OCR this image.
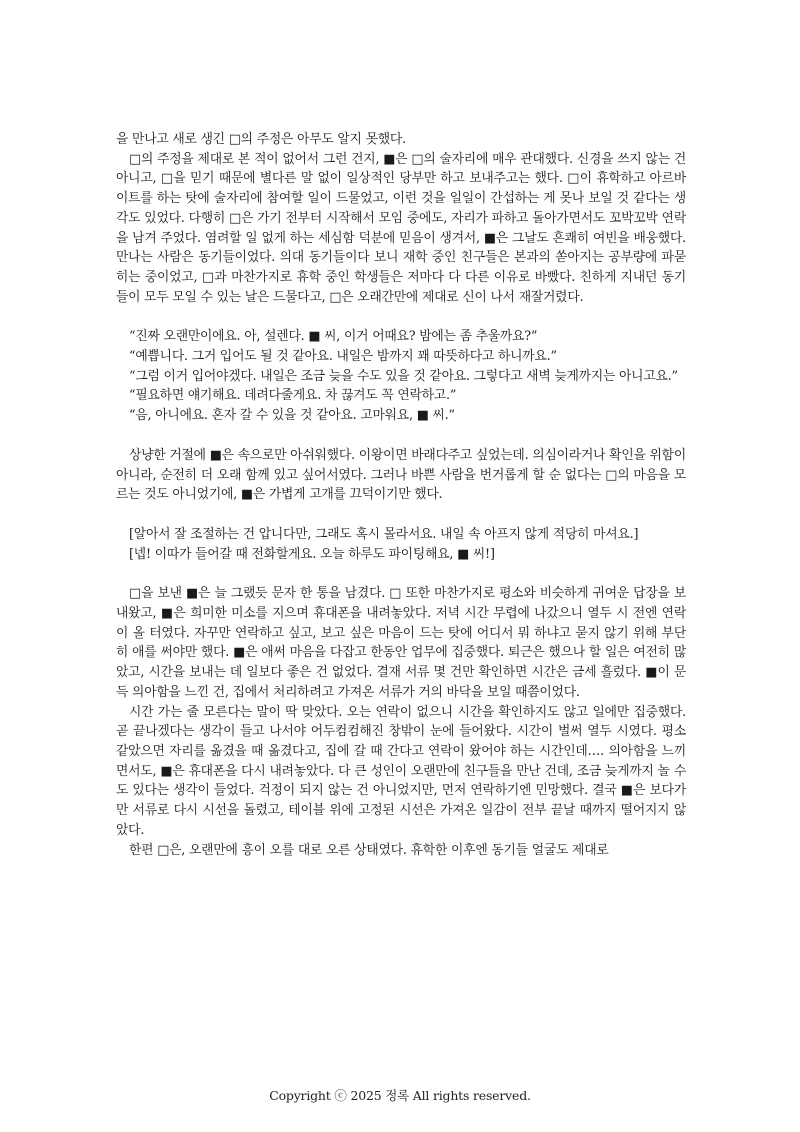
을 만나고 새로 생긴 □의 주정은 아무도 알지 못했다.

□의 주정을 제대로 본 적이 없어서 그런 건지, ■은 □의 술자리에 매우 관대했다. 신경을 쓰지 않는 건 아니고, □을 믿기 때문에 별다른 말 없이 일상적인 당부만 하고 보내주고는 했다. □이 휴학하고 아르바이트를 하는 탓에 술자리에 참여할 일이 드물었고, 이런 것을 일일이 간섭하는 게 못나 보일 것 같다는 생각도 있었다. 다행히 □은 가기 전부터 시작해서 모임 중에도, 자리가 파하고 돌아가면서도 꼬박꼬박 연락을 남겨 주었다. 염려할 일 없게 하는 세심함 덕분에 믿음이 생겨서, ■은 그날도 흔쾌히 여빈을 배웅했다. 만나는 사람은 동기들이었다. 의대 동기들이다 보니 재학 중인 친구들은 본과의 쏟아지는 공부량에 파묻히는 중이었고, □과 마찬가지로 휴학 중인 학생들은 저마다 다 다른 이유로 바빴다. 친하게 지내던 동기들이 모두 모일 수 있는 날은 드물다고, □은 오래간만에 제대로 신이 나서 재잘거렸다.

“진짜 오랜만이에요. 아, 설렌다. ■ 씨, 이거 어때요? 밤에는 좀 추울까요?”

“예쁩니다. 그거 입어도 될 것 같아요. 내일은 밤까지 꽤 따뜻하다고 하니까요.”

“그럼 이거 입어야겠다. 내일은 조금 늦을 수도 있을 것 같아요. 그렇다고 새벽 늦게까지는 아니고요.”

“필요하면 얘기해요. 데려다줄게요. 차 끊겨도 꼭 연락하고.”

“음, 아니에요. 혼자 갈 수 있을 것 같아요. 고마워요, ■ 씨.”

상냥한 거절에 ■은 속으로만 아쉬워했다. 이왕이면 바래다주고 싶었는데. 의심이라거나 확인을 위함이 아니라, 순전히 더 오래 함께 있고 싶어서였다. 그러나 바쁜 사람을 번거롭게 할 순 없다는 □의 마음을 모르는 것도 아니었기에, ■은 가볍게 고개를 끄덕이기만 했다.

[알아서 잘 조절하는 건 압니다만, 그래도 혹시 몰라서요. 내일 속 아프지 않게 적당히 마셔요.]

[넵! 이따가 들어갈 때 전화할게요. 오늘 하루도 파이팅해요, ■ 씨!]

□을 보낸 ■은 늘 그랬듯 문자 한 통을 남겼다. □ 또한 마찬가지로 평소와 비슷하게 귀여운 답장을 보내왔고, ■은 희미한 미소를 지으며 휴대폰을 내려놓았다. 저녁 시간 무렵에 나갔으니 열두 시 전엔 연락이 올 터였다. 자꾸만 연락하고 싶고, 보고 싶은 마음이 드는 탓에 어디서 뭐 하냐고 묻지 않기 위해 부단히 애를 써야만 했다. ■은 애써 마음을 다잡고 한동안 업무에 집중했다. 퇴근은 했으나 할 일은 여전히 많았고, 시간을 보내는 데 일보다 좋은 건 없었다. 결재 서류 몇 건만 확인하면 시간은 금세 흘렀다. ■이 문득 의아함을 느낀 건, 집에서 처리하려고 가져온 서류가 거의 바닥을 보일 때쯤이었다.

시간 가는 줄 모른다는 말이 딱 맞았다. 오는 연락이 없으니 시간을 확인하지도 않고 일에만 집중했다. 곧 끝나겠다는 생각이 들고 나서야 어두컴컴해진 창밖이 눈에 들어왔다. 시간이 벌써 열두 시였다. 평소 같았으면 자리를 옮겼을 때 옮겼다고, 집에 갈 때 간다고 연락이 왔어야 하는 시간인데…. 의아함을 느끼면서도, ■은 휴대폰을 다시 내려놓았다. 다 큰 성인이 오랜만에 친구들을 만난 건데, 조금 늦게까지 놀 수도 있다는 생각이 들었다. 걱정이 되지 않는 건 아니었지만, 먼저 연락하기엔 민망했다. 결국 ■은 보다가 만 서류로 다시 시선을 돌렸고, 테이블 위에 고정된 시선은 가져온 일감이 전부 끝날 때까지 떨어지지 않았다.

한편 □은, 오랜만에 흥이 오를 대로 오른 상태였다. 휴학한 이후엔 동기들 얼굴도 제대로

Copyright ⓒ 2025 정록 All rights reserved.
